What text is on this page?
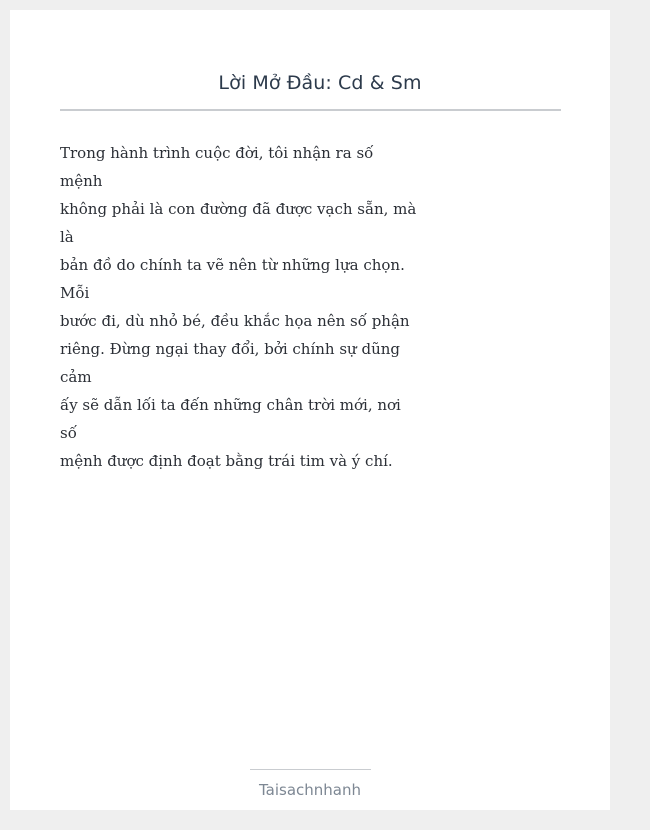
Lời Mở Đầu: Cd & Sm
Trong hành trình cuộc đời, tôi nhận ra số
mệnh
không phải là con đường đã được vạch sẵn, mà
là
bản đồ do chính ta vẽ nên từ những lựa chọn.
Mỗi
bước đi, dù nhỏ bé, đều khắc họa nên số phận
riêng. Đừng ngại thay đổi, bởi chính sự dũng
cảm
ấy sẽ dẫn lối ta đến những chân trời mới, nơi
số
mệnh được định đoạt bằng trái tim và ý chí.
Taisachnhanh
